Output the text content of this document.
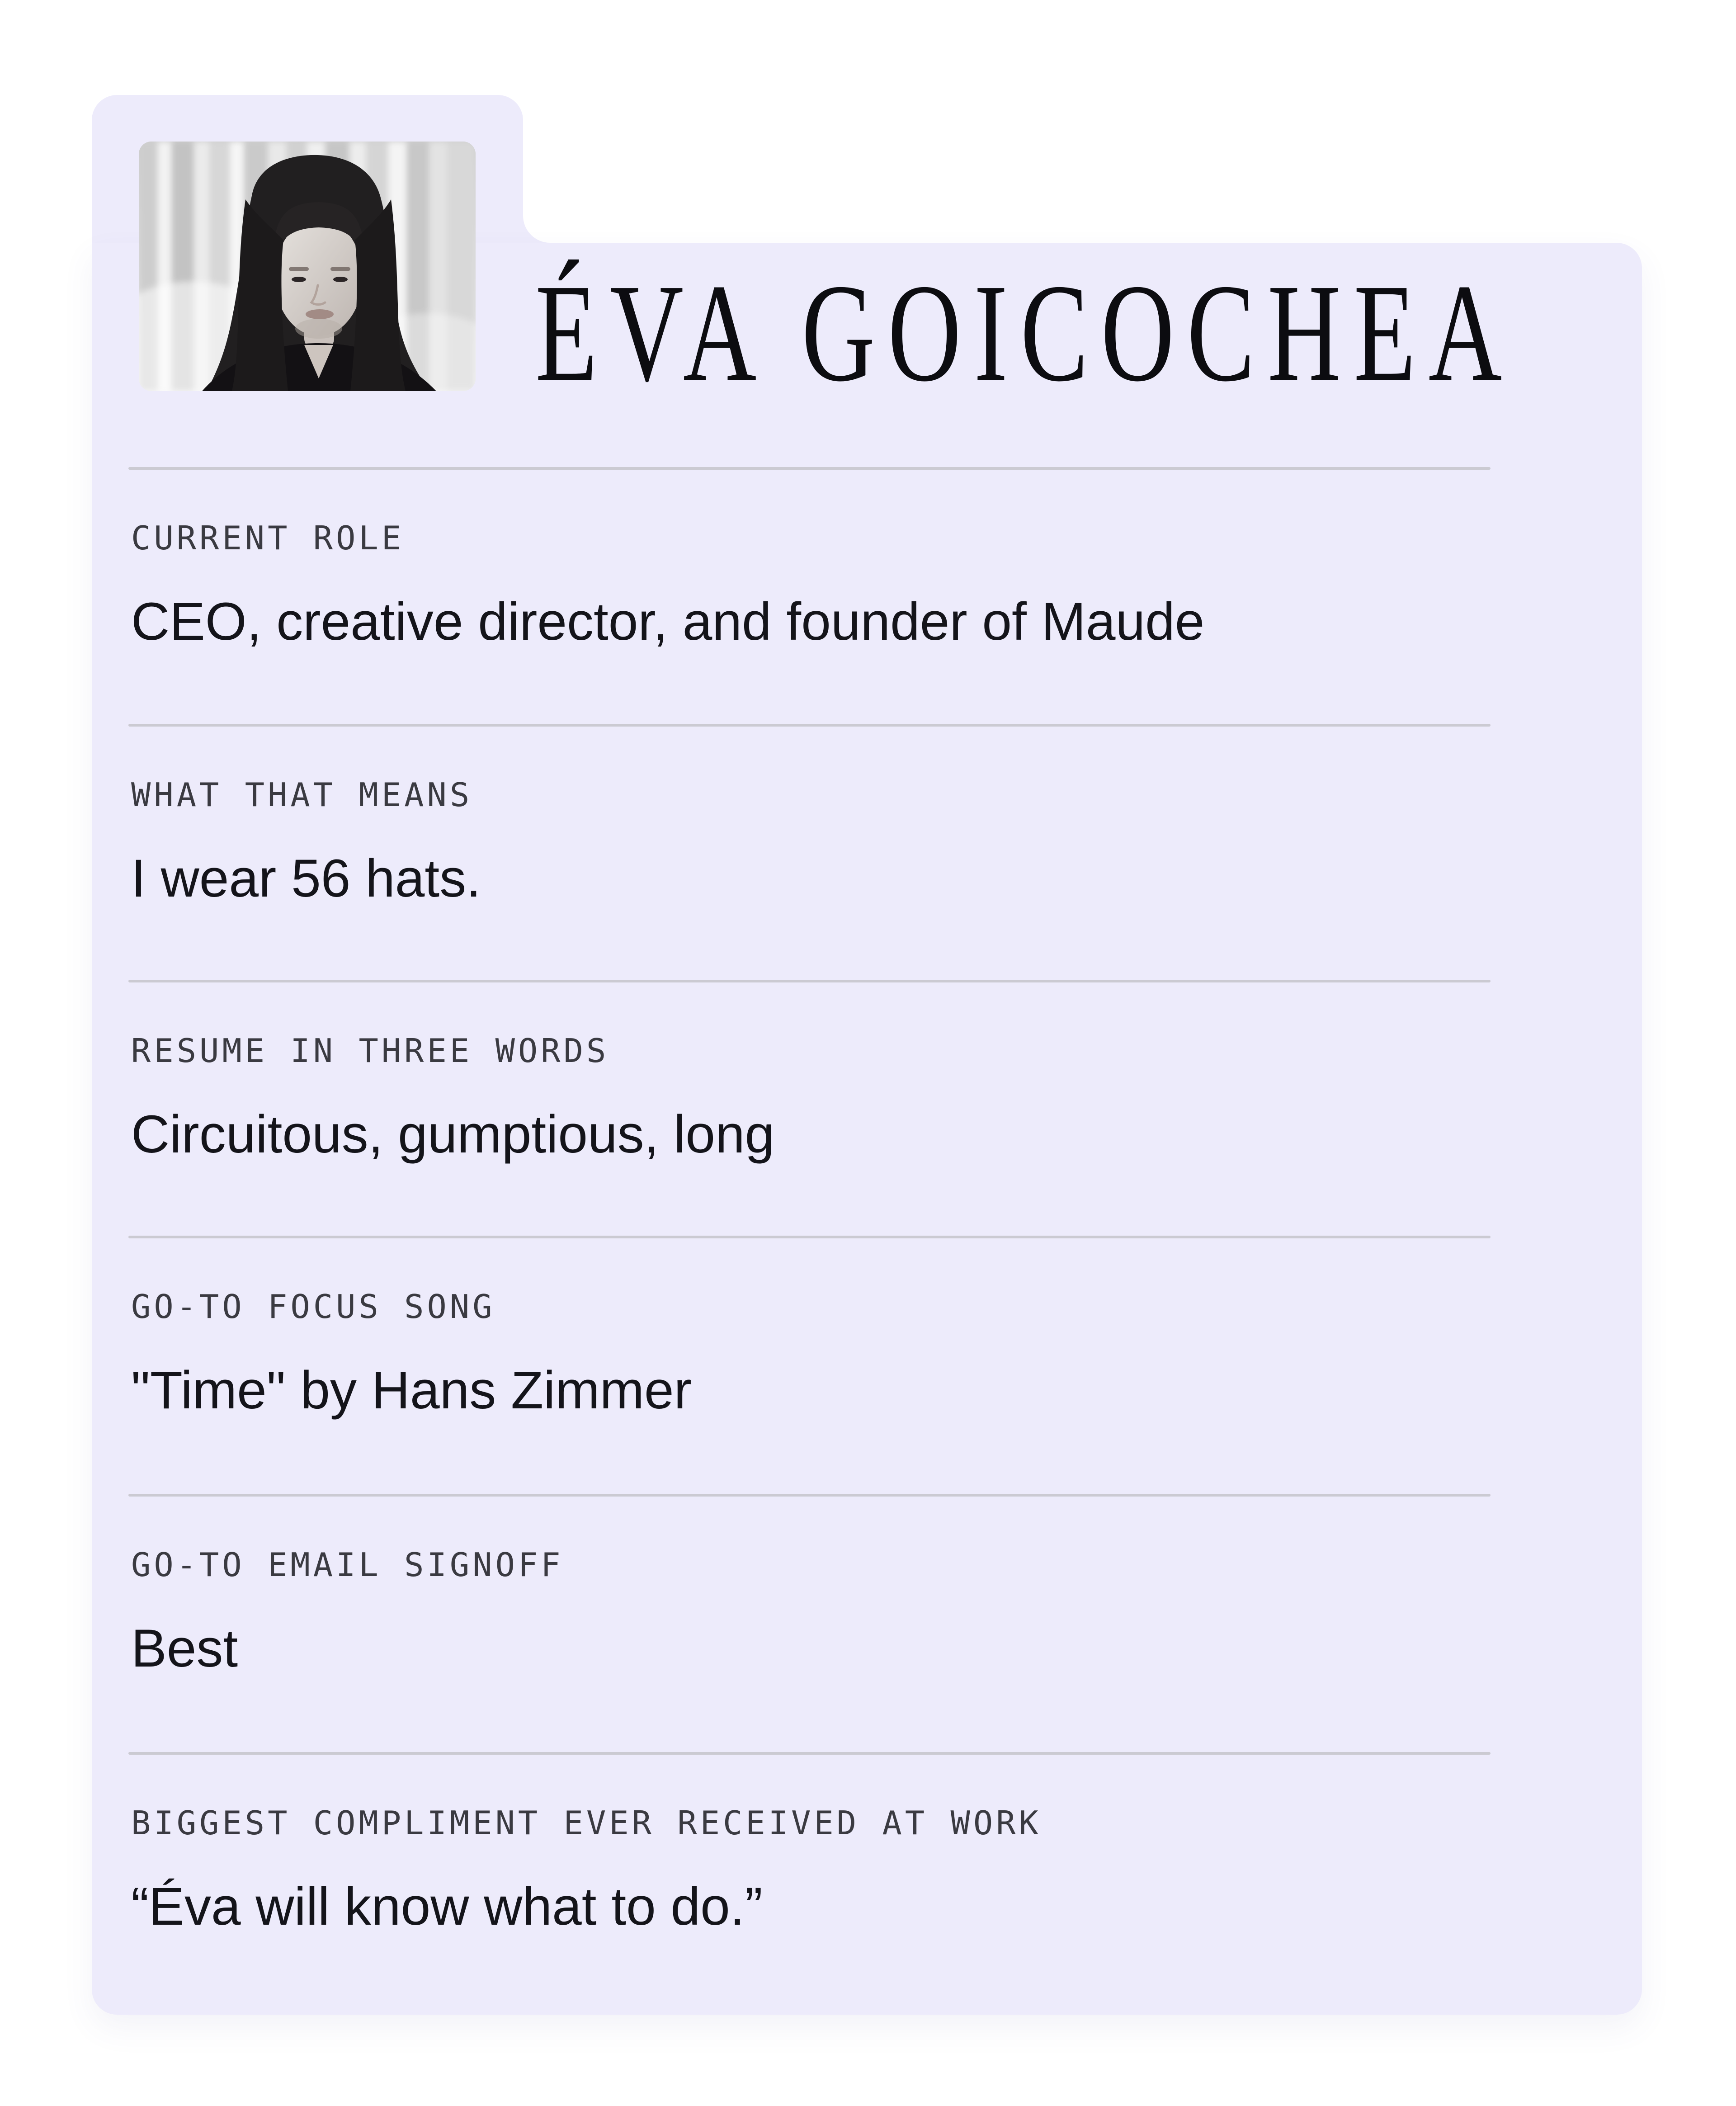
ÉVA GOICOCHEA
CURRENT ROLE
CEO, creative director, and founder of Maude
WHAT THAT MEANS
I wear 56 hats.
RESUME IN THREE WORDS
Circuitous, gumptious, long
GO-TO FOCUS SONG
"Time" by Hans Zimmer
GO-TO EMAIL SIGNOFF
Best
BIGGEST COMPLIMENT EVER RECEIVED AT WORK
“Éva will know what to do.”
